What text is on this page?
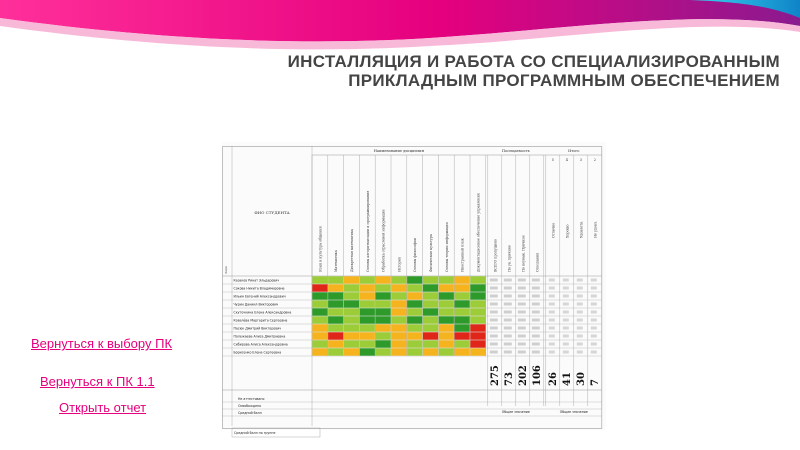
ИНСТАЛЛЯЦИЯ И РАБОТА СО СПЕЦИАЛИЗИРОВАННЫМ
ПРИКЛАДНЫМ ПРОГРАММНЫМ ОБЕСПЕЧЕНИЕМ
Вернуться к выбору ПК
Вернуться к ПК 1.1
Открыть отчет
Наименование дисциплин	Посещаемость	Итого
ФИО СТУДЕНТА
№п/п	Язык и культура общения	Математика	Дискретная математика	Основы алгоритмизации и программирования	Обработка отраслевой информации	История	Основы философии	Физическая культура	Основы теории информации	Иностранный язык	Документационное обеспечение управления	ВСЕГО пропущено	По ув. причине	По неуваж. Причине	Опоздания
Отлично
5
Хорошо
4
Удовлетв.
3
Не удовл.
2
Казаков Ринат Эльдарович
Сокова Никита Владимировна
Ильин Евгений Александрович
Чурин Даниил Викторович
Скуточкина Елена Александровна
Ковалёва Маргарита Сергеевна
Пасюк Дмитрий Викторович
Полежаева Алиса Дмитриевна
Сибирова Алиса Александровна
Борисенко Елена Сергеевна
275 73 202 106 26 41 30 7
Не аттестовано
Освобождено
Средний балл	Общее значение	Общее значение
Средний балл по группе
